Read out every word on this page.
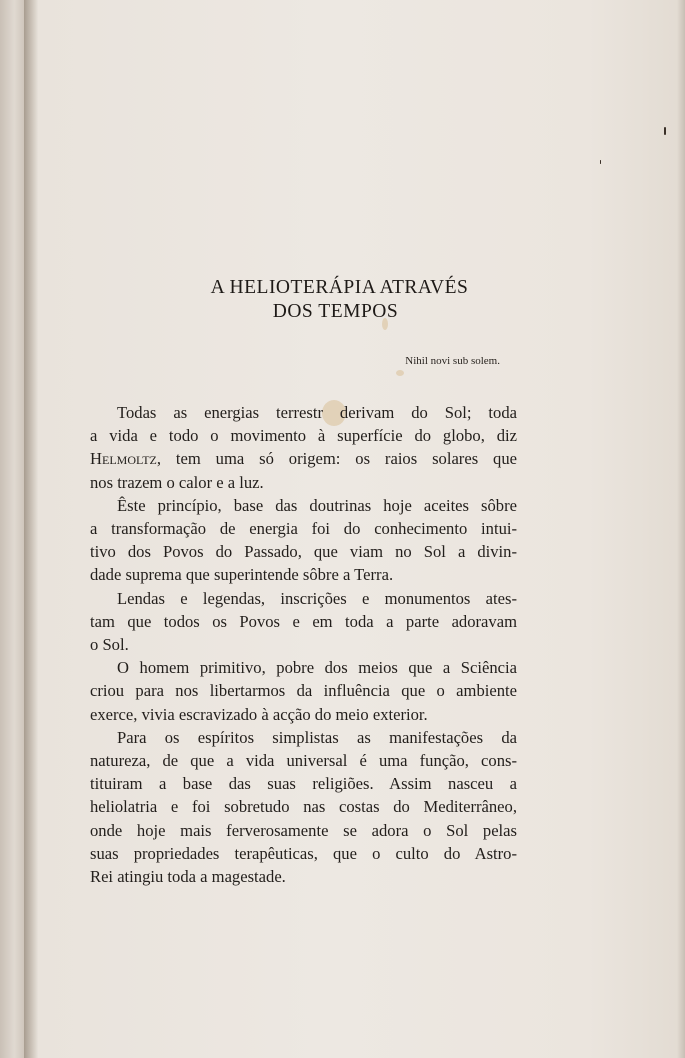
A HELIOTERÁPIA ATRAVÉS
DOS TEMPOS
Nihil novi sub solem.
Todas as energias terrestr derivam do Sol; toda
a vida e todo o movimento à superfície do globo, diz
Helmoltz, tem uma só origem: os raios solares que
nos trazem o calor e a luz.
Êste princípio, base das doutrinas hoje aceites sôbre
a transformação de energia foi do conhecimento intui-
tivo dos Povos do Passado, que viam no Sol a divin-
dade suprema que superintende sôbre a Terra.
Lendas e legendas, inscrições e monumentos ates-
tam que todos os Povos e em toda a parte adoravam
o Sol.
O homem primitivo, pobre dos meios que a Sciência
criou para nos libertarmos da influência que o ambiente
exerce, vivia escravizado à acção do meio exterior.
Para os espíritos simplistas as manifestações da
natureza, de que a vida universal é uma função, cons-
tituiram a base das suas religiões. Assim nasceu a
heliolatria e foi sobretudo nas costas do Mediterrâneo,
onde hoje mais ferverosamente se adora o Sol pelas
suas propriedades terapêuticas, que o culto do Astro-
Rei atingiu toda a magestade.
